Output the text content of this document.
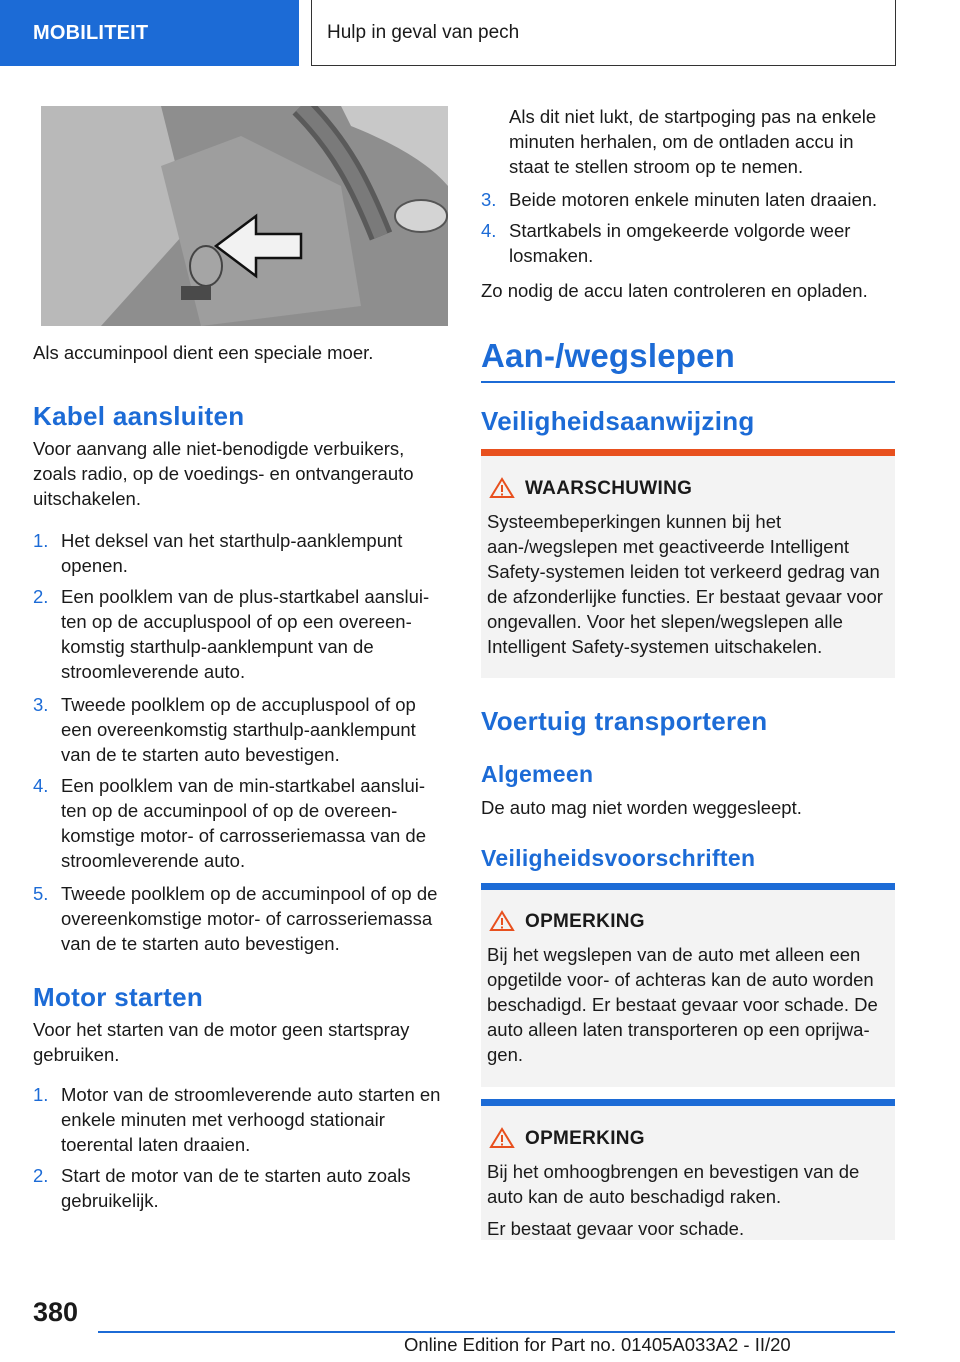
MOBILITEIT	Hulp in geval van pech

Als accuminpool dient een speciale moer.

Kabel aansluiten

Voor aanvang alle niet-benodigde verbuikers, zoals radio, op de voedings- en ontvangerauto uitschakelen.

1. Het deksel van het starthulp-aanklempunt openen.
2. Een poolklem van de plus-startkabel aansluiten op de accupluspool of op een overeenkomstig starthulp-aanklempunt van de stroomleverende auto.
3. Tweede poolklem op de accupluspool of op een overeenkomstig starthulp-aanklempunt van de te starten auto bevestigen.
4. Een poolklem van de min-startkabel aansluiten op de accuminpool of op de overeenkomstige motor- of carrosseriemassa van de stroomleverende auto.
5. Tweede poolklem op de accuminpool of op de overeenkomstige motor- of carrosseriemassa van de te starten auto bevestigen.
Motor starten

Voor het starten van de motor geen startspray gebruiken.

1. Motor van de stroomleverende auto starten en enkele minuten met verhoogd stationair toerental laten draaien.
2. Start de motor van de te starten auto zoals gebruikelijk.

Als dit niet lukt, de startpoging pas na enkele minuten herhalen, om de ontladen accu in staat te stellen stroom op te nemen.

3. Beide motoren enkele minuten laten draaien.
4. Startkabels in omgekeerde volgorde weer losmaken.

Zo nodig de accu laten controleren en opladen.

Aan-/wegslepen
Veiligheidsaanwijzing
WAARSCHUWING
Systeembeperkingen kunnen bij het aan-/wegslepen met geactiveerde Intelligent Safety-systemen leiden tot verkeerd gedrag van de afzonderlijke functies. Er bestaat gevaar voor ongevallen. Voor het slepen/wegslepen alle Intelligent Safety-systemen uitschakelen.
Voertuig transporteren
Algemeen

De auto mag niet worden weggesleept.

Veiligheidsvoorschriften
OPMERKING
Bij het wegslepen van de auto met alleen een opgetilde voor- of achteras kan de auto worden beschadigd. Er bestaat gevaar voor schade. De auto alleen laten transporteren op een oprijwagen.
OPMERKING
Bij het omhoogbrengen en bevestigen van de auto kan de auto beschadigd raken.
Er bestaat gevaar voor schade.
380
Online Edition for Part no. 01405A033A2 - II/20
